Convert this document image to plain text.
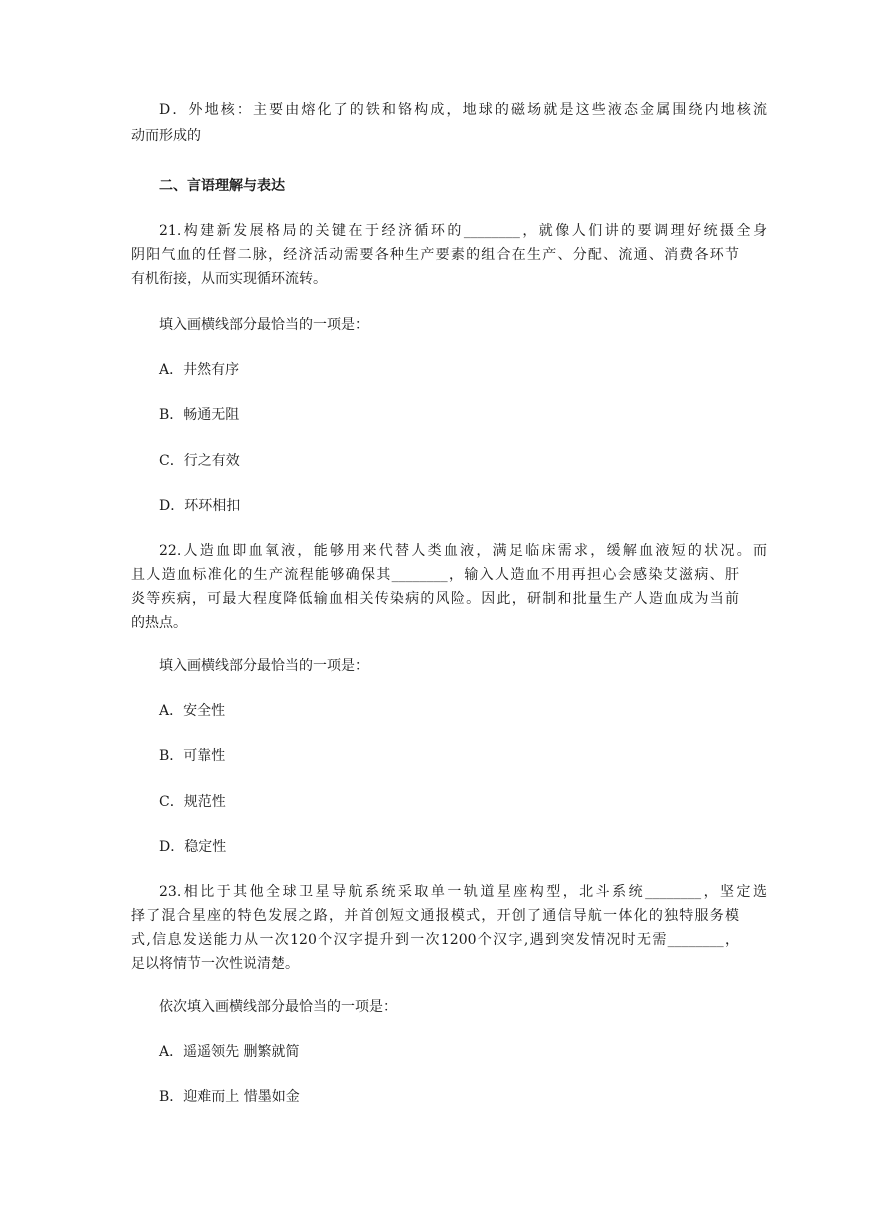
D．外地核：主要由熔化了的铁和铬构成，地球的磁场就是这些液态金属围绕内地核流
动而形成的
二、言语理解与表达
21.构建新发展格局的关键在于经济循环的________，就像人们讲的要调理好统摄全身
阴阳气血的任督二脉，经济活动需要各种生产要素的组合在生产、分配、流通、消费各环节
有机衔接，从而实现循环流转。
填入画横线部分最恰当的一项是：
A．井然有序
B．畅通无阻
C．行之有效
D．环环相扣
22.人造血即血氧液，能够用来代替人类血液，满足临床需求，缓解血液短的状况。而
且人造血标准化的生产流程能够确保其________，输入人造血不用再担心会感染艾滋病、肝
炎等疾病，可最大程度降低输血相关传染病的风险。因此，研制和批量生产人造血成为当前
的热点。
填入画横线部分最恰当的一项是：
A．安全性
B．可靠性
C．规范性
D．稳定性
23.相比于其他全球卫星导航系统采取单一轨道星座构型，北斗系统________，坚定选
择了混合星座的特色发展之路，并首创短文通报模式，开创了通信导航一体化的独特服务模
式,信息发送能力从一次120个汉字提升到一次1200个汉字,遇到突发情况时无需________，
足以将情节一次性说清楚。
依次填入画横线部分最恰当的一项是：
A．遥遥领先 删繁就简
B．迎难而上 惜墨如金
